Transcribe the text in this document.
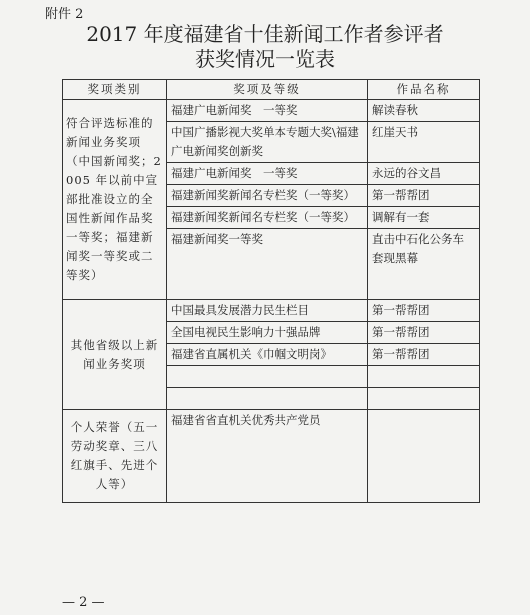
附件 2
2017 年度福建省十佳新闻工作者参评者
获奖情况一览表
奖项类别	奖项及等级	作品名称
符合评选标准的新闻业务奖项（中国新闻奖；2005 年以前中宣部批准设立的全国性新闻作品奖一等奖；福建新闻奖一等奖或二等奖）	福建广电新闻奖　一等奖	解读春秋
	中国广播影视大奖单本专题大奖\福建广电新闻奖创新奖	红崖天书
	福建广电新闻奖　一等奖	永远的谷文昌
	福建新闻奖新闻名专栏奖（一等奖）	第一帮帮团
	福建新闻奖新闻名专栏奖（一等奖）	调解有一套
	福建新闻奖一等奖	直击中石化公务车套现黑幕
其他省级以上新闻业务奖项	中国最具发展潜力民生栏目	第一帮帮团
	全国电视民生影响力十强品牌	第一帮帮团
	福建省直属机关《巾帼文明岗》	第一帮帮团

个人荣誉（五一劳动奖章、三八红旗手、先进个人等）	福建省省直机关优秀共产党员	
— 2 —
